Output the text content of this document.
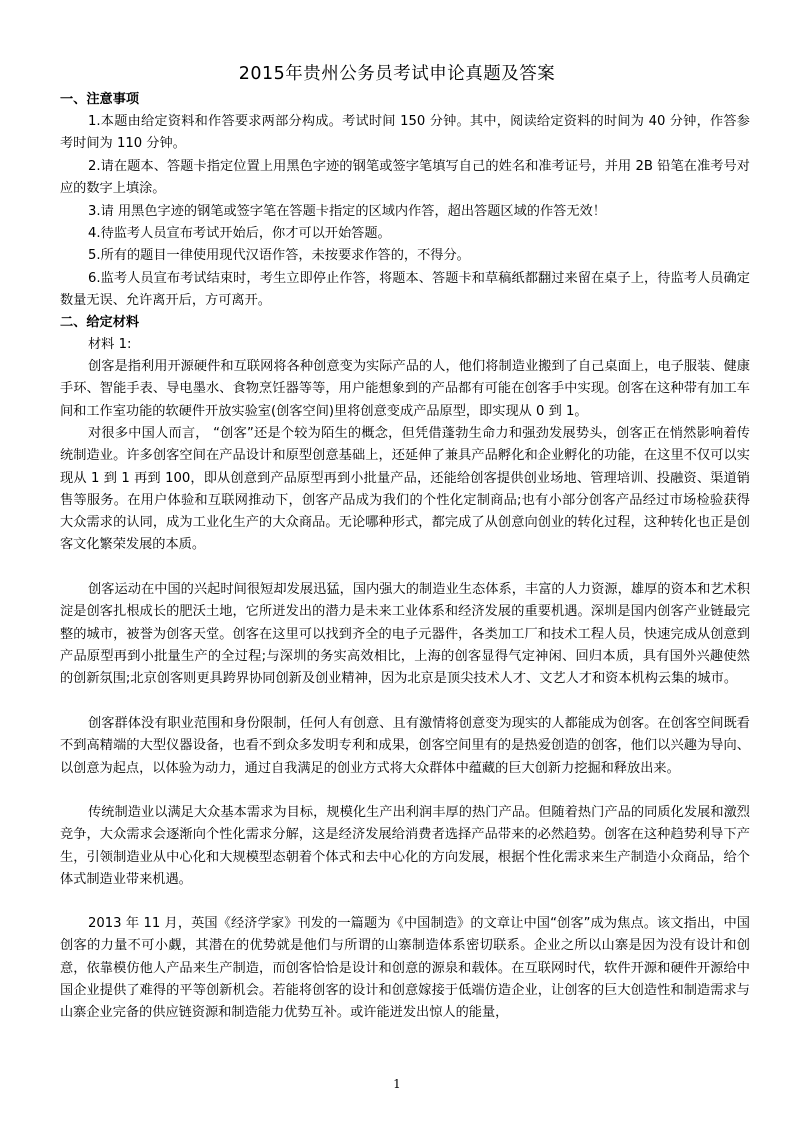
2015年贵州公务员考试申论真题及答案
一、注意事项
1.本题由给定资料和作答要求两部分构成。考试时间 150 分钟。其中，阅读给定资料的时间为 40 分钟，作答参考时间为 110 分钟。
2.请在题本、答题卡指定位置上用黑色字迹的钢笔或签字笔填写自己的姓名和准考证号，并用 2B 铅笔在准考号对应的数字上填涂。
3.请 用黑色字迹的钢笔或签字笔在答题卡指定的区域内作答，超出答题区域的作答无效！
4.待监考人员宣布考试开始后，你才可以开始答题。
5.所有的题目一律使用现代汉语作答，未按要求作答的，不得分。
6.监考人员宣布考试结束时，考生立即停止作答，将题本、答题卡和草稿纸都翻过来留在桌子上，待监考人员确定数量无误、允许离开后，方可离开。
二、给定材料
材料 1:
创客是指利用开源硬件和互联网将各种创意变为实际产品的人，他们将制造业搬到了自己桌面上，电子服装、健康手环、智能手表、导电墨水、食物烹饪器等等，用户能想象到的产品都有可能在创客手中实现。创客在这种带有加工车间和工作室功能的软硬件开放实验室(创客空间)里将创意变成产品原型，即实现从 0 到 1。
对很多中国人而言， “创客”还是个较为陌生的概念，但凭借蓬勃生命力和强劲发展势头，创客正在悄然影响着传统制造业。许多创客空间在产品设计和原型创意基础上，还延伸了兼具产品孵化和企业孵化的功能，在这里不仅可以实现从 1 到 1 再到 100，即从创意到产品原型再到小批量产品，还能给创客提供创业场地、管理培训、投融资、渠道销售等服务。在用户体验和互联网推动下，创客产品成为我们的个性化定制商品;也有小部分创客产品经过市场检验获得大众需求的认同，成为工业化生产的大众商品。无论哪种形式，都完成了从创意向创业的转化过程，这种转化也正是创客文化繁荣发展的本质。
创客运动在中国的兴起时间很短却发展迅猛，国内强大的制造业生态体系，丰富的人力资源，雄厚的资本和艺术积淀是创客扎根成长的肥沃土地，它所迸发出的潜力是未来工业体系和经济发展的重要机遇。深圳是国内创客产业链最完整的城市，被誉为创客天堂。创客在这里可以找到齐全的电子元器件，各类加工厂和技术工程人员，快速完成从创意到产品原型再到小批量生产的全过程;与深圳的务实高效相比，上海的创客显得气定神闲、回归本质，具有国外兴趣使然的创新氛围;北京创客则更具跨界协同创新及创业精神，因为北京是顶尖技术人才、文艺人才和资本机构云集的城市。
创客群体没有职业范围和身份限制，任何人有创意、且有激情将创意变为现实的人都能成为创客。在创客空间既看不到高精端的大型仪器设备，也看不到众多发明专利和成果，创客空间里有的是热爱创造的创客，他们以兴趣为导向、以创意为起点，以体验为动力，通过自我满足的创业方式将大众群体中蕴藏的巨大创新力挖掘和释放出来。
传统制造业以满足大众基本需求为目标，规模化生产出利润丰厚的热门产品。但随着热门产品的同质化发展和激烈竞争，大众需求会逐渐向个性化需求分解，这是经济发展给消费者选择产品带来的必然趋势。创客在这种趋势利导下产生，引领制造业从中心化和大规模型态朝着个体式和去中心化的方向发展，根据个性化需求来生产制造小众商品，给个体式制造业带来机遇。
2013 年 11 月，英国《经济学家》刊发的一篇题为《中国制造》的文章让中国“创客”成为焦点。该文指出，中国创客的力量不可小觑，其潜在的优势就是他们与所谓的山寨制造体系密切联系。企业之所以山寨是因为没有设计和创意，依靠模仿他人产品来生产制造，而创客恰恰是设计和创意的源泉和载体。在互联网时代，软件开源和硬件开源给中国企业提供了难得的平等创新机会。若能将创客的设计和创意嫁接于低端仿造企业，让创客的巨大创造性和制造需求与山寨企业完备的供应链资源和制造能力优势互补。或许能迸发出惊人的能量，
1
